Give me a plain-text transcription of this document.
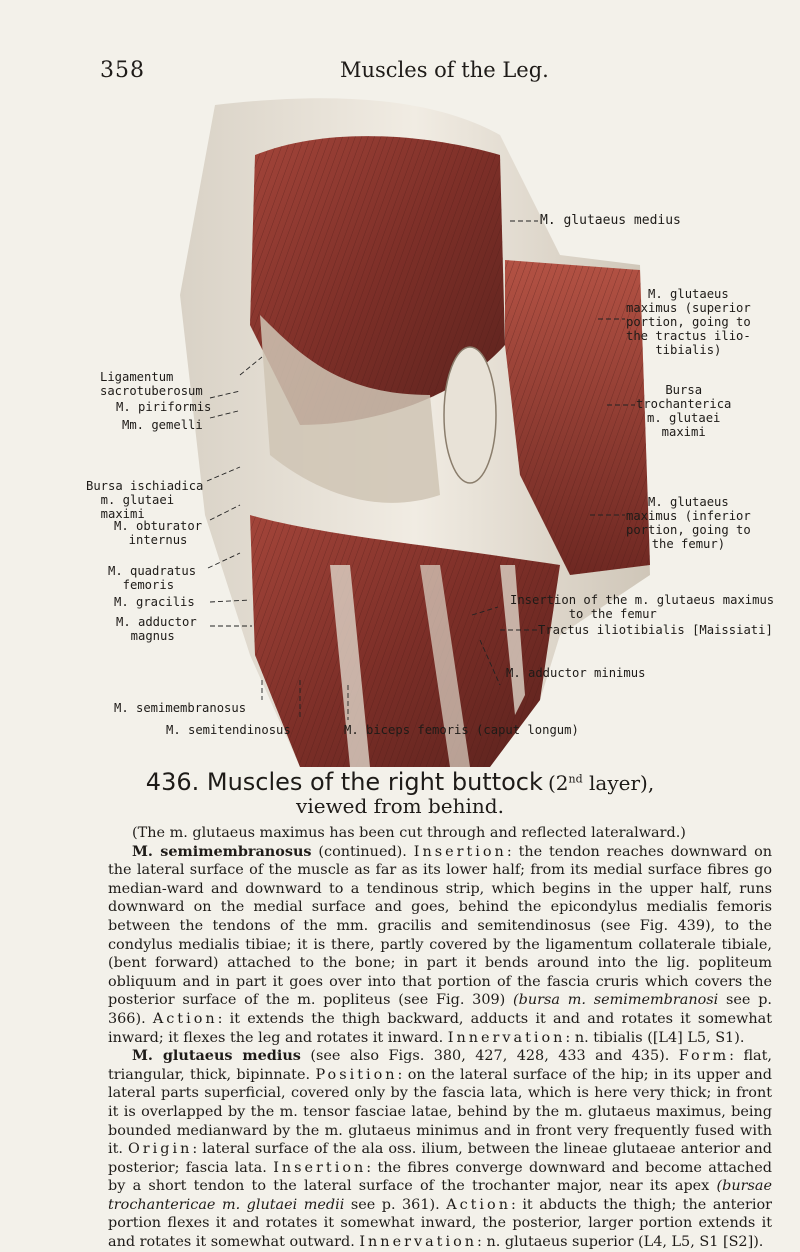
358	Muscles of the Leg.
M. glutaeus medius
M. glutaeus
maximus (superior
portion, going to
the tractus ilio-
tibialis)
Bursa
trochanterica
m. glutaei
maximi
M. glutaeus
maximus (inferior
portion, going to
the femur)
Insertion of the m. glutaeus maximus
to the femur
Tractus iliotibialis [Maissiati]
M. adductor minimus
Ligamentum
sacrotuberosum
M. piriformis
Mm. gemelli
Bursa ischiadica
m. glutaei
maximi
M. obturator
internus
M. quadratus
femoris
M. gracilis
M. adductor
magnus
M. semimembranosus
M. semitendinosus	M. biceps femoris (caput longum)
436. Muscles of the right buttock (2nd layer),
viewed from behind.

(The m. glutaeus maximus has been cut through and reflected lateralward.)

M. semimembranosus (continued). Insertion: the tendon reaches downward on the lateral surface of the muscle as far as its lower half; from its medial surface fibres go median-ward and downward to a tendinous strip, which begins in the upper half, runs downward on the medial surface and goes, behind the epicondylus medialis femoris between the tendons of the mm. gracilis and semitendinosus (see Fig. 439), to the condylus medialis tibiae; it is there, partly covered by the ligamentum collaterale tibiale, (bent forward) attached to the bone; in part it bends around into the lig. popliteum obliquum and in part it goes over into that portion of the fascia cruris which covers the posterior surface of the m. popliteus (see Fig. 309) (bursa m. semimembranosi see p. 366). Action: it extends the thigh backward, adducts it and and rotates it somewhat inward; it flexes the leg and rotates it inward. Innervation: n. tibialis ([L4] L5, S1).

M. glutaeus medius (see also Figs. 380, 427, 428, 433 and 435). Form: flat, triangular, thick, bipinnate. Position: on the lateral surface of the hip; in its upper and lateral parts superficial, covered only by the fascia lata, which is here very thick; in front it is overlapped by the m. tensor fasciae latae, behind by the m. glutaeus maximus, being bounded medianward by the m. glutaeus minimus and in front very frequently fused with it. Origin: lateral surface of the ala oss. ilium, between the lineae glutaeae anterior and posterior; fascia lata. Insertion: the fibres converge downward and become attached by a short tendon to the lateral surface of the trochanter major, near its apex (bursae trochantericae m. glutaei medii see p. 361). Action: it abducts the thigh; the anterior portion flexes it and rotates it somewhat inward, the posterior, larger portion extends it and rotates it somewhat outward. Innervation: n. glutaeus superior (L4, L5, S1 [S2]).
